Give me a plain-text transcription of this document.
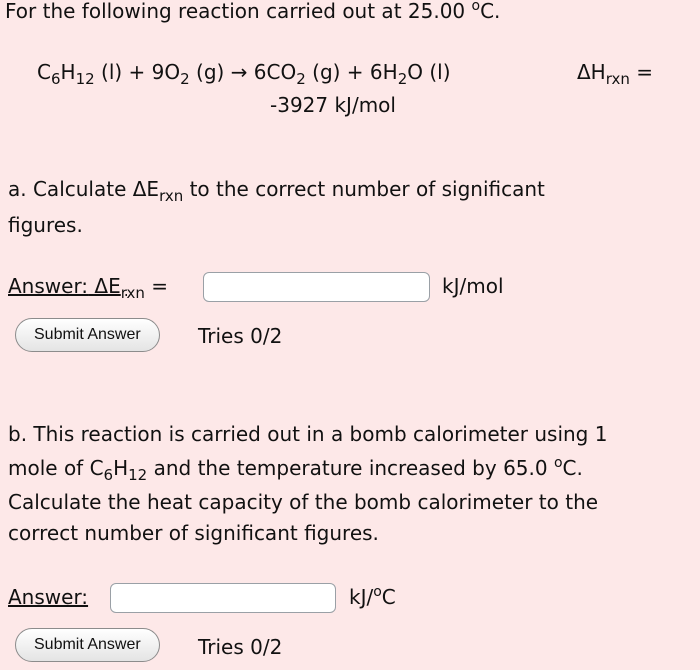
For the following reaction carried out at 25.00 $^o$C.
$C_6H_{12}$ $(l) + 9O_2$ $(g) \to 6CO_2$ $(g) + 6H_2O$ (l)	$\Delta H_{rxn}$ =
-3927 kJ/mol
a. Calculate $\Delta E_{rxn}$ to the correct number of significant
figures.
Answer: $\Delta E_{rxn}$ =	kJ/mol
Submit Answer	Tries 0/2
b. This reaction is carried out in a bomb calorimeter using 1
mole of $C_6H_{12}$ and the temperature increased by 65.0 $^o$C.
Calculate the heat capacity of the bomb calorimeter to the
correct number of significant figures.
Answer:	kJ/$^o$C
Submit Answer	Tries 0/2
